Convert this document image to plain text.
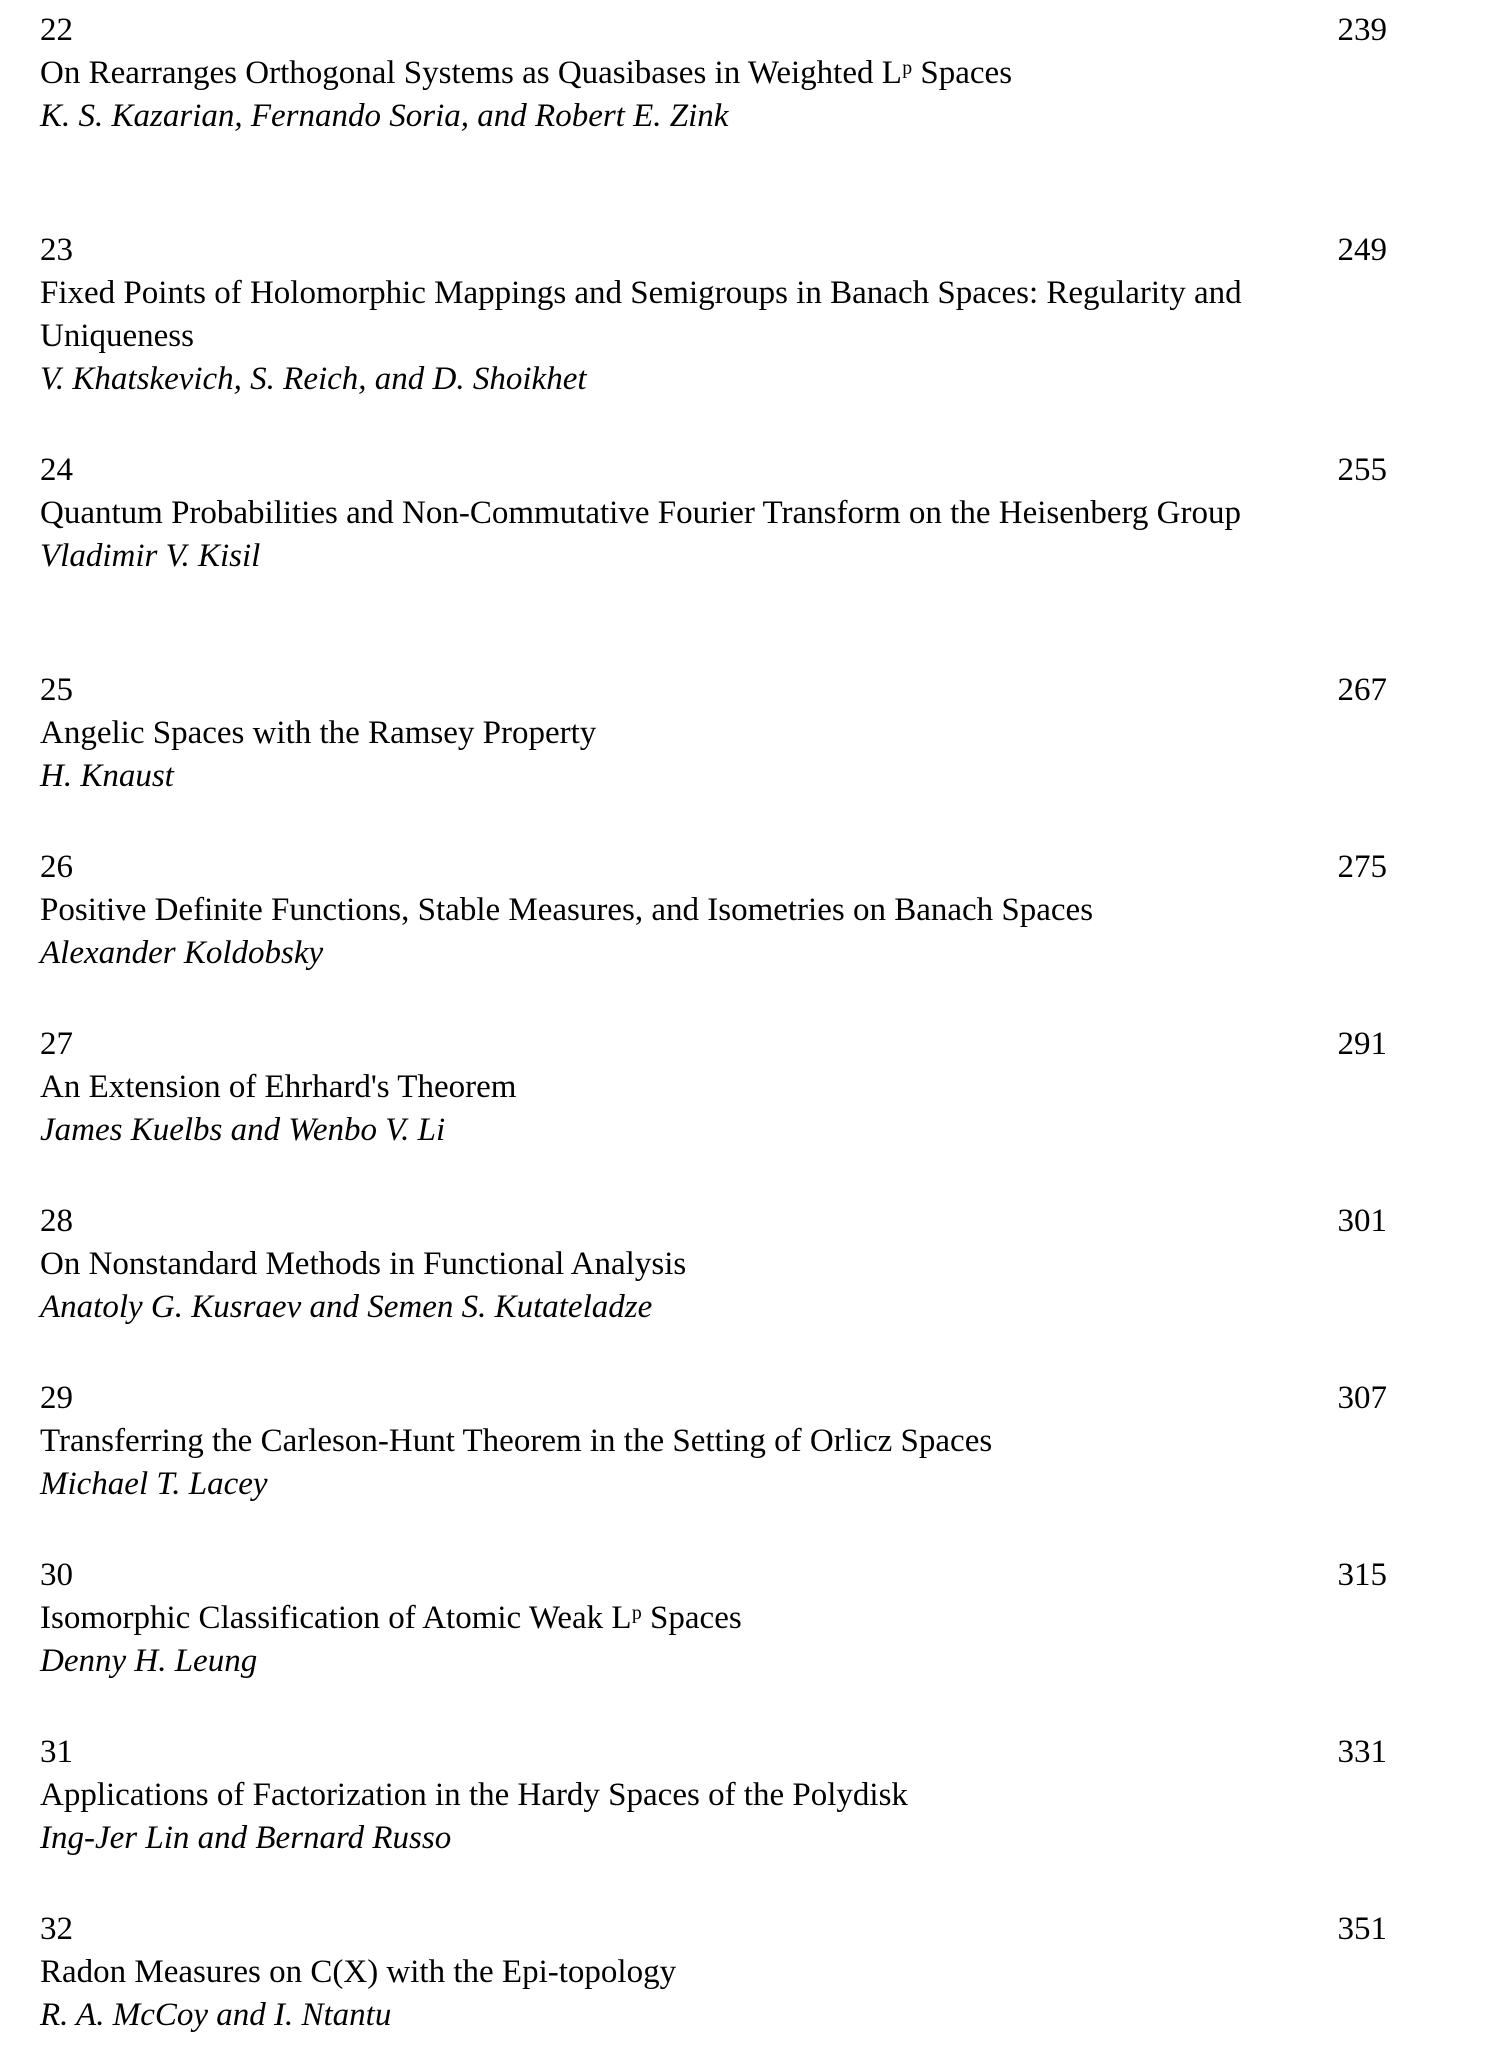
22	239
On Rearranges Orthogonal Systems as Quasibases in Weighted Lᵖ Spaces
K. S. Kazarian, Fernando Soria, and Robert E. Zink
23	249
Fixed Points of Holomorphic Mappings and Semigroups in Banach Spaces: Regularity and Uniqueness
V. Khatskevich, S. Reich, and D. Shoikhet
24	255
Quantum Probabilities and Non-Commutative Fourier Transform on the Heisenberg Group
Vladimir V. Kisil
25	267
Angelic Spaces with the Ramsey Property
H. Knaust
26	275
Positive Definite Functions, Stable Measures, and Isometries on Banach Spaces
Alexander Koldobsky
27	291
An Extension of Ehrhard's Theorem
James Kuelbs and Wenbo V. Li
28	301
On Nonstandard Methods in Functional Analysis
Anatoly G. Kusraev and Semen S. Kutateladze
29	307
Transferring the Carleson-Hunt Theorem in the Setting of Orlicz Spaces
Michael T. Lacey
30	315
Isomorphic Classification of Atomic Weak Lᵖ Spaces
Denny H. Leung
31	331
Applications of Factorization in the Hardy Spaces of the Polydisk
Ing-Jer Lin and Bernard Russo
32	351
Radon Measures on C(X) with the Epi-topology
R. A. McCoy and I. Ntantu
